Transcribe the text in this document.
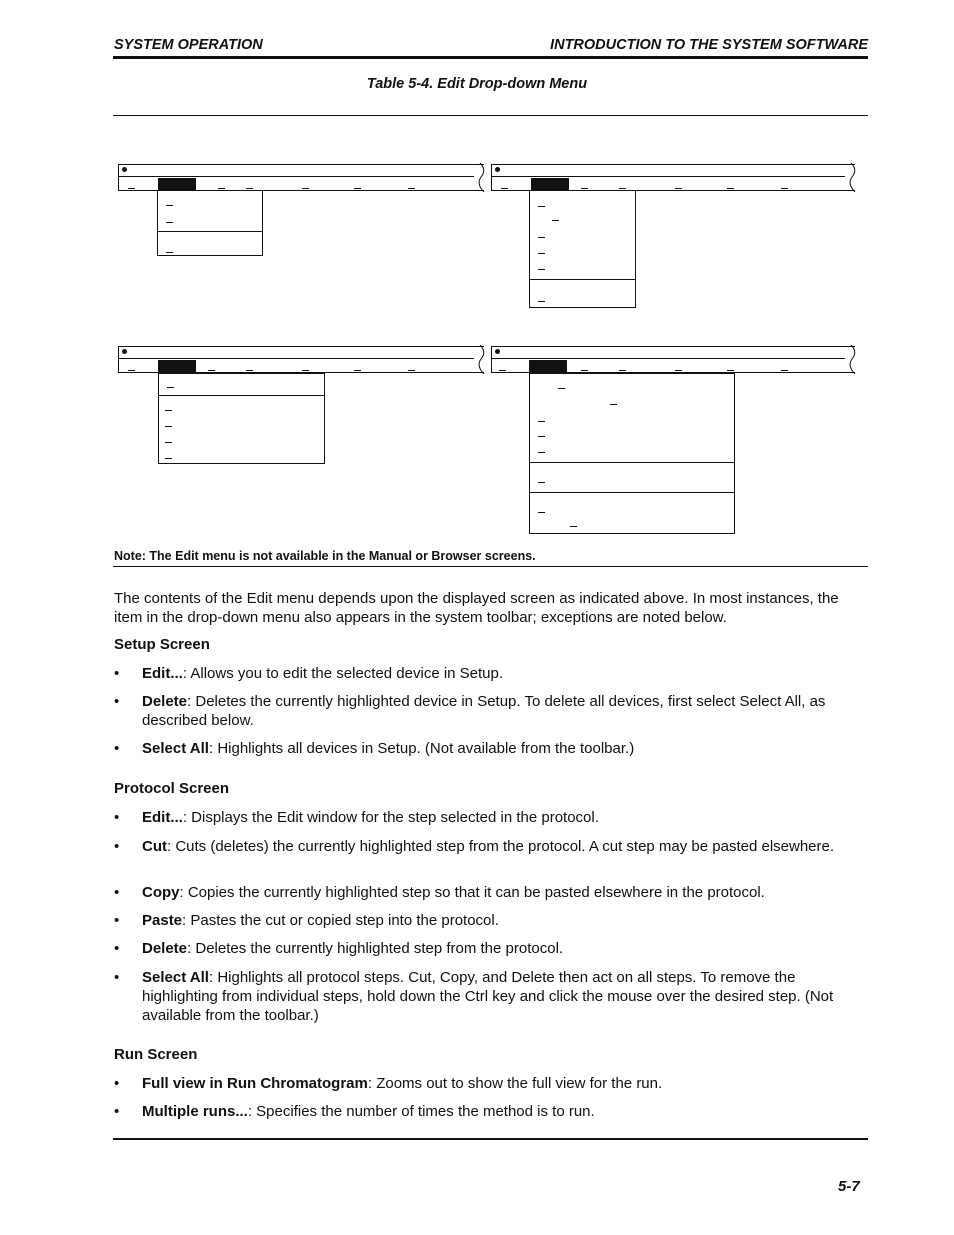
SYSTEM OPERATION	INTRODUCTION TO THE SYSTEM SOFTWARE
Table 5-4. Edit Drop-down Menu
Note: The Edit menu is not available in the Manual or Browser screens.
The contents of the Edit menu depends upon the displayed screen as indicated above. In most instances, the item in the drop-down menu also appears in the system toolbar; exceptions are noted below.
Setup Screen
• Edit...: Allows you to edit the selected device in Setup.
• Delete: Deletes the currently highlighted device in Setup. To delete all devices, first select Select All, as described below.
• Select All: Highlights all devices in Setup. (Not available from the toolbar.)
Protocol Screen
• Edit...: Displays the Edit window for the step selected in the protocol.
• Cut: Cuts (deletes) the currently highlighted step from the protocol. A cut step may be pasted elsewhere.
• Copy: Copies the currently highlighted step so that it can be pasted elsewhere in the protocol.
• Paste: Pastes the cut or copied step into the protocol.
• Delete: Deletes the currently highlighted step from the protocol.
• Select All: Highlights all protocol steps. Cut, Copy, and Delete then act on all steps. To remove the highlighting from individual steps, hold down the Ctrl key and click the mouse over the desired step. (Not available from the toolbar.)
Run Screen
• Full view in Run Chromatogram: Zooms out to show the full view for the run.
• Multiple runs...: Specifies the number of times the method is to run.
5-7
